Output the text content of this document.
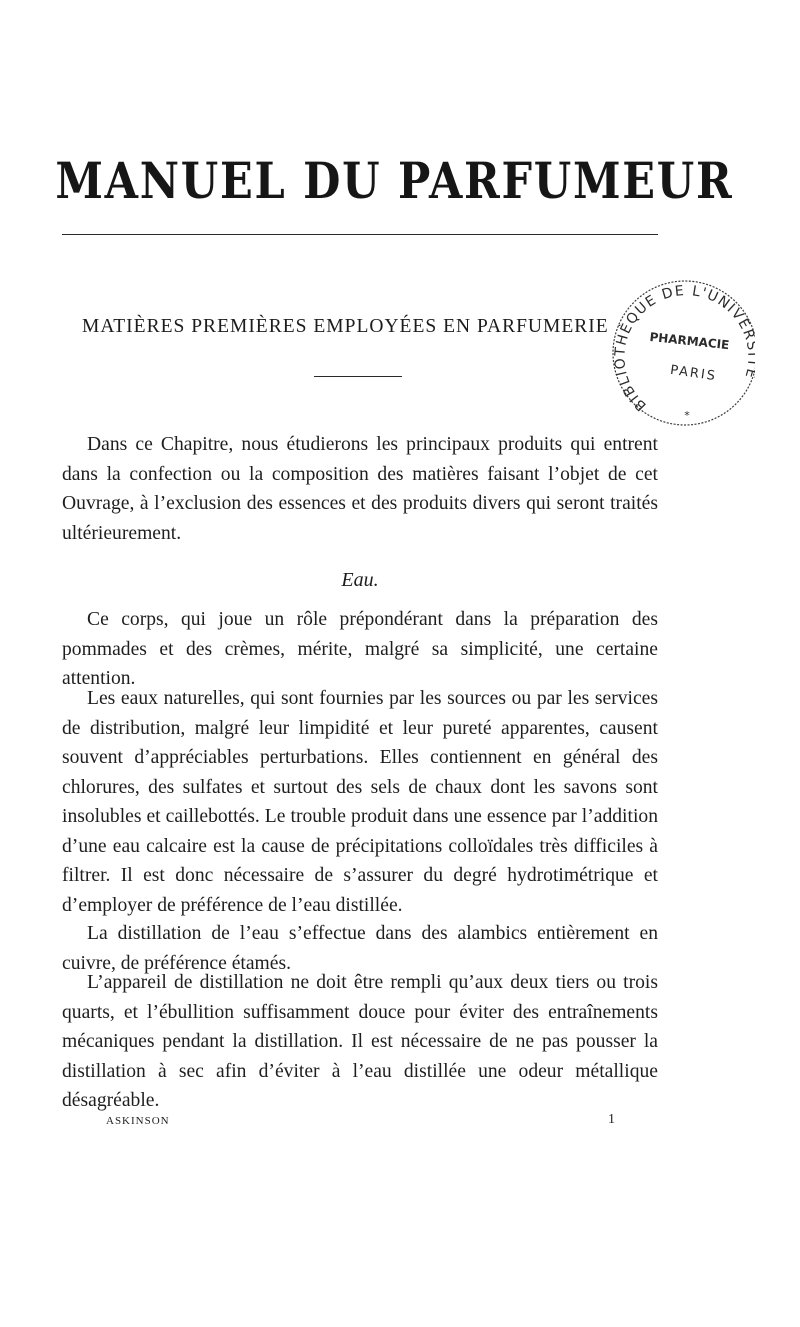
MANUEL DU PARFUMEUR
MATIÈRES PREMIÈRES EMPLOYÉES EN PARFUMERIE
BIBLIOTHÈQUE DE L'UNIVE
PHARMACIE
PARIS
*

Dans ce Chapitre, nous étudierons les principaux produits qui entrent dans la confection ou la composition des matières faisant l’objet de cet Ouvrage, à l’exclusion des essences et des produits divers qui seront traités ultérieurement.

Eau.

Ce corps, qui joue un rôle prépondérant dans la préparation des pommades et des crèmes, mérite, malgré sa simplicité, une certaine attention.

Les eaux naturelles, qui sont fournies par les sources ou par les services de distribution, malgré leur limpidité et leur pureté apparentes, causent souvent d’appréciables perturbations. Elles contiennent en général des chlorures, des sulfates et surtout des sels de chaux dont les savons sont insolubles et caillebottés. Le trouble produit dans une essence par l’addition d’une eau calcaire est la cause de précipitations colloïdales très difficiles à filtrer. Il est donc nécessaire de s’assurer du degré hydrotimétrique et d’employer de préférence de l’eau distillée.

La distillation de l’eau s’effectue dans des alambics entièrement en cuivre, de préférence étamés.

L’appareil de distillation ne doit être rempli qu’aux deux tiers ou trois quarts, et l’ébullition suffisamment douce pour éviter des entraînements mécaniques pendant la distillation. Il est nécessaire de ne pas pousser la distillation à sec afin d’éviter à l’eau distillée une odeur métallique désagréable.

ASKINSON	1
